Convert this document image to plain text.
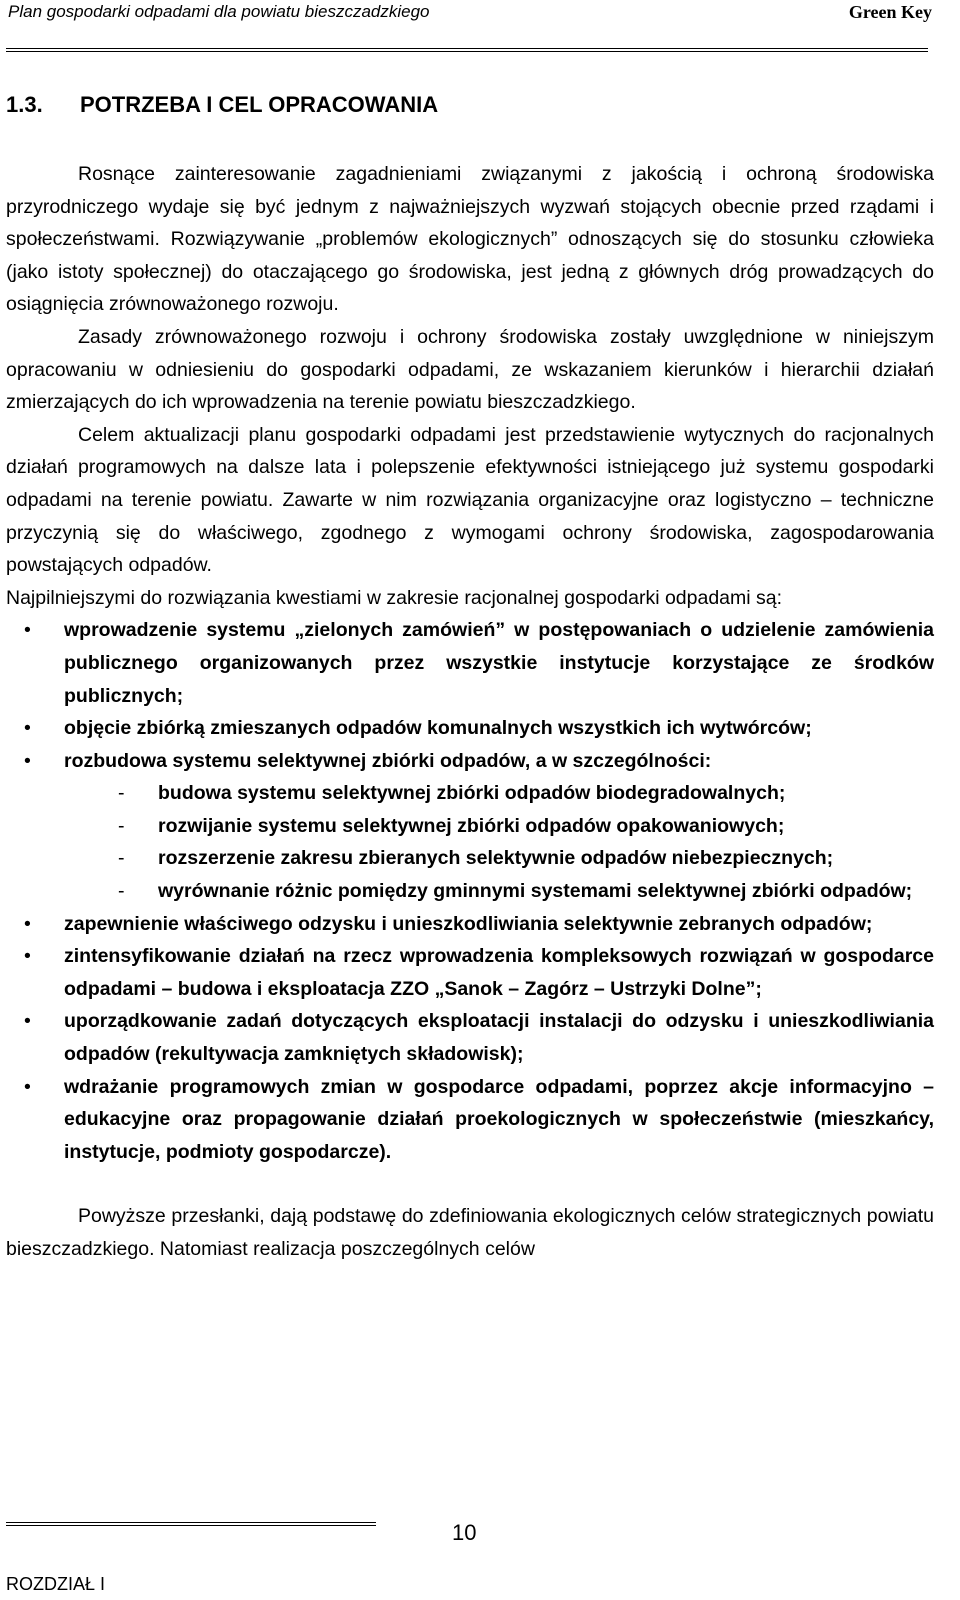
Plan gospodarki odpadami dla powiatu bieszczadzkiego	Green Key
1.3. POTRZEBA I CEL OPRACOWANIA

Rosnące zainteresowanie zagadnieniami związanymi z jakością i ochroną środowiska przyrodniczego wydaje się być jednym z najważniejszych wyzwań stojących obecnie przed rządami i społeczeństwami. Rozwiązywanie „problemów ekologicznych” odnoszących się do stosunku człowieka (jako istoty społecznej) do otaczającego go środowiska, jest jedną z głównych dróg prowadzących do osiągnięcia zrównoważonego rozwoju.

Zasady zrównoważonego rozwoju i ochrony środowiska zostały uwzględnione w niniejszym opracowaniu w odniesieniu do gospodarki odpadami, ze wskazaniem kierunków i hierarchii działań zmierzających do ich wprowadzenia na terenie powiatu bieszczadzkiego.

Celem aktualizacji planu gospodarki odpadami jest przedstawienie wytycznych do racjonalnych działań programowych na dalsze lata i polepszenie efektywności istniejącego już systemu gospodarki odpadami na terenie powiatu. Zawarte w nim rozwiązania organizacyjne oraz logistyczno – techniczne przyczynią się do właściwego, zgodnego z wymogami ochrony środowiska, zagospodarowania powstających odpadów.

Najpilniejszymi do rozwiązania kwestiami w zakresie racjonalnej gospodarki odpadami są:

• wprowadzenie systemu „zielonych zamówień” w postępowaniach o udzielenie zamówienia publicznego organizowanych przez wszystkie instytucje korzystające ze środków publicznych;
• objęcie zbiórką zmieszanych odpadów komunalnych wszystkich ich wytwórców;
• rozbudowa systemu selektywnej zbiórki odpadów, a w szczególności:
- budowa systemu selektywnej zbiórki odpadów biodegradowalnych;
- rozwijanie systemu selektywnej zbiórki odpadów opakowaniowych;
- rozszerzenie zakresu zbieranych selektywnie odpadów niebezpiecznych;
- wyrównanie różnic pomiędzy gminnymi systemami selektywnej zbiórki odpadów;
• zapewnienie właściwego odzysku i unieszkodliwiania selektywnie zebranych odpadów;
• zintensyfikowanie działań na rzecz wprowadzenia kompleksowych rozwiązań w gospodarce odpadami – budowa i eksploatacja ZZO „Sanok – Zagórz – Ustrzyki Dolne”;
• uporządkowanie zadań dotyczących eksploatacji instalacji do odzysku i unieszkodliwiania odpadów (rekultywacja zamkniętych składowisk);
• wdrażanie programowych zmian w gospodarce odpadami, poprzez akcje informacyjno – edukacyjne oraz propagowanie działań proekologicznych w społeczeństwie (mieszkańcy, instytucje, podmioty gospodarcze).

Powyższe przesłanki, dają podstawę do zdefiniowania ekologicznych celów strategicznych powiatu bieszczadzkiego. Natomiast realizacja poszczególnych celów

10
ROZDZIAŁ I
